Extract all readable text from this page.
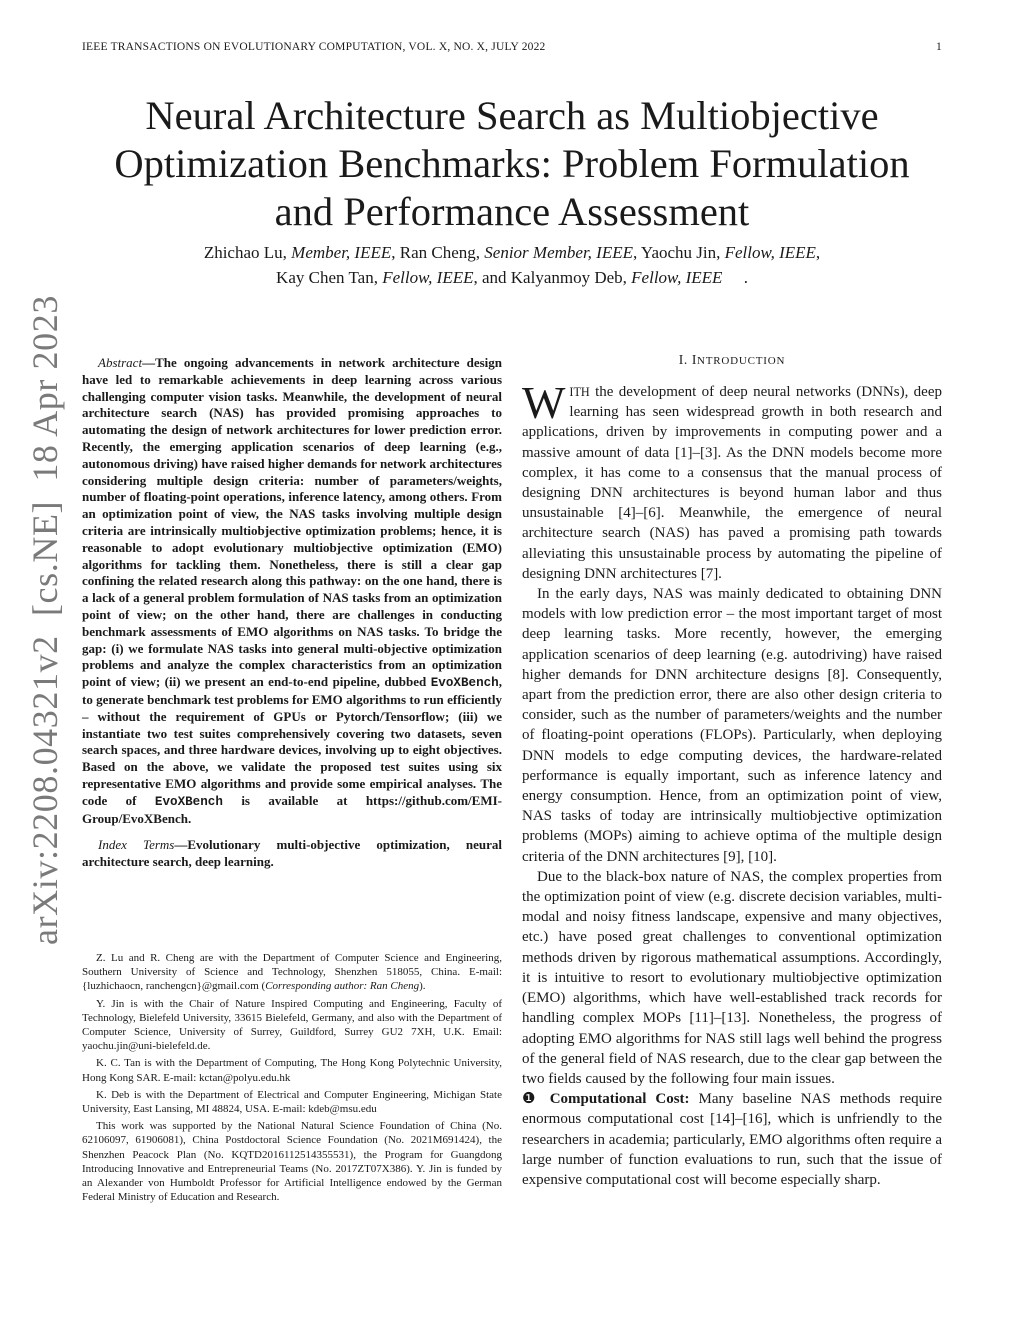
IEEE TRANSACTIONS ON EVOLUTIONARY COMPUTATION, VOL. X, NO. X, JULY 2022	1
Neural Architecture Search as Multiobjective
Optimization Benchmarks: Problem Formulation
and Performance Assessment
Zhichao Lu, Member, IEEE, Ran Cheng, Senior Member, IEEE, Yaochu Jin, Fellow, IEEE,
Kay Chen Tan, Fellow, IEEE, and Kalyanmoy Deb, Fellow, IEEE     .
arXiv:2208.04321v2  [cs.NE]  18 Apr 2023	Abstract—The ongoing advancements in network architecture design have led to remarkable achievements in deep learning across various challenging computer vision tasks. Meanwhile, the development of neural architecture search (NAS) has provided promising approaches to automating the design of network architectures for lower prediction error. Recently, the emerging application scenarios of deep learning (e.g., autonomous driving) have raised higher demands for network architectures considering multiple design criteria: number of parameters/weights, number of floating-point operations, inference latency, among others. From an optimization point of view, the NAS tasks involving multiple design criteria are intrinsically multiobjective optimization problems; hence, it is reasonable to adopt evolutionary multiobjective optimization (EMO) algorithms for tackling them. Nonetheless, there is still a clear gap confining the related research along this pathway: on the one hand, there is a lack of a general problem formulation of NAS tasks from an optimization point of view; on the other hand, there are challenges in conducting benchmark assessments of EMO algorithms on NAS tasks. To bridge the gap: (i) we formulate NAS tasks into general multi-objective optimization problems and analyze the complex characteristics from an optimization point of view; (ii) we present an end-to-end pipeline, dubbed EvoXBench, to generate benchmark test problems for EMO algorithms to run efficiently – without the requirement of GPUs or Pytorch/Tensorflow; (iii) we instantiate two test suites comprehensively covering two datasets, seven search spaces, and three hardware devices, involving up to eight objectives. Based on the above, we validate the proposed test suites using six representative EMO algorithms and provide some empirical analyses. The code of EvoXBench is available at https://github.com/EMI-Group/EvoXBench.

Index Terms—Evolutionary multi-objective optimization, neural architecture search, deep learning.

Z. Lu and R. Cheng are with the Department of Computer Science and Engineering, Southern University of Science and Technology, Shenzhen 518055, China. E-mail: {luzhichaocn, ranchengcn}@gmail.com (Corresponding author: Ran Cheng).

Y. Jin is with the Chair of Nature Inspired Computing and Engineering, Faculty of Technology, Bielefeld University, 33615 Bielefeld, Germany, and also with the Department of Computer Science, University of Surrey, Guildford, Surrey GU2 7XH, U.K. Email: yaochu.jin@uni-bielefeld.de.

K. C. Tan is with the Department of Computing, The Hong Kong Polytechnic University, Hong Kong SAR. E-mail: kctan@polyu.edu.hk

K. Deb is with the Department of Electrical and Computer Engineering, Michigan State University, East Lansing, MI 48824, USA. E-mail: kdeb@msu.edu

This work was supported by the National Natural Science Foundation of China (No. 62106097, 61906081), China Postdoctoral Science Foundation (No. 2021M691424), the Shenzhen Peacock Plan (No. KQTD2016112514355531), the Program for Guangdong Introducing Innovative and Entrepreneurial Teams (No. 2017ZT07X386). Y. Jin is funded by an Alexander von Humboldt Professor for Artificial Intelligence endowed by the German Federal Ministry of Education and Research.

I. INTRODUCTION

WITH the development of deep neural networks (DNNs), deep learning has seen widespread growth in both research and applications, driven by improvements in computing power and a massive amount of data [1]–[3]. As the DNN models become more complex, it has come to a consensus that the manual process of designing DNN architectures is beyond human labor and thus unsustainable [4]–[6]. Meanwhile, the emergence of neural architecture search (NAS) has paved a promising path towards alleviating this unsustainable process by automating the pipeline of designing DNN architectures [7].

In the early days, NAS was mainly dedicated to obtaining DNN models with low prediction error – the most important target of most deep learning tasks. More recently, however, the emerging application scenarios of deep learning (e.g. autodriving) have raised higher demands for DNN architecture designs [8]. Consequently, apart from the prediction error, there are also other design criteria to consider, such as the number of parameters/weights and the number of floating-point operations (FLOPs). Particularly, when deploying DNN models to edge computing devices, the hardware-related performance is equally important, such as inference latency and energy consumption. Hence, from an optimization point of view, NAS tasks of today are intrinsically multiobjective optimization problems (MOPs) aiming to achieve optima of the multiple design criteria of the DNN architectures [9], [10].

Due to the black-box nature of NAS, the complex properties from the optimization point of view (e.g. discrete decision variables, multi-modal and noisy fitness landscape, expensive and many objectives, etc.) have posed great challenges to conventional optimization methods driven by rigorous mathematical assumptions. Accordingly, it is intuitive to resort to evolutionary multiobjective optimization (EMO) algorithms, which have well-established track records for handling complex MOPs [11]–[13]. Nonetheless, the progress of adopting EMO algorithms for NAS still lags well behind the progress of the general field of NAS research, due to the clear gap between the two fields caused by the following four main issues.

❶ Computational Cost: Many baseline NAS methods require enormous computational cost [14]–[16], which is unfriendly to the researchers in academia; particularly, EMO algorithms often require a large number of function evaluations to run, such that the issue of expensive computational cost will become especially sharp.
